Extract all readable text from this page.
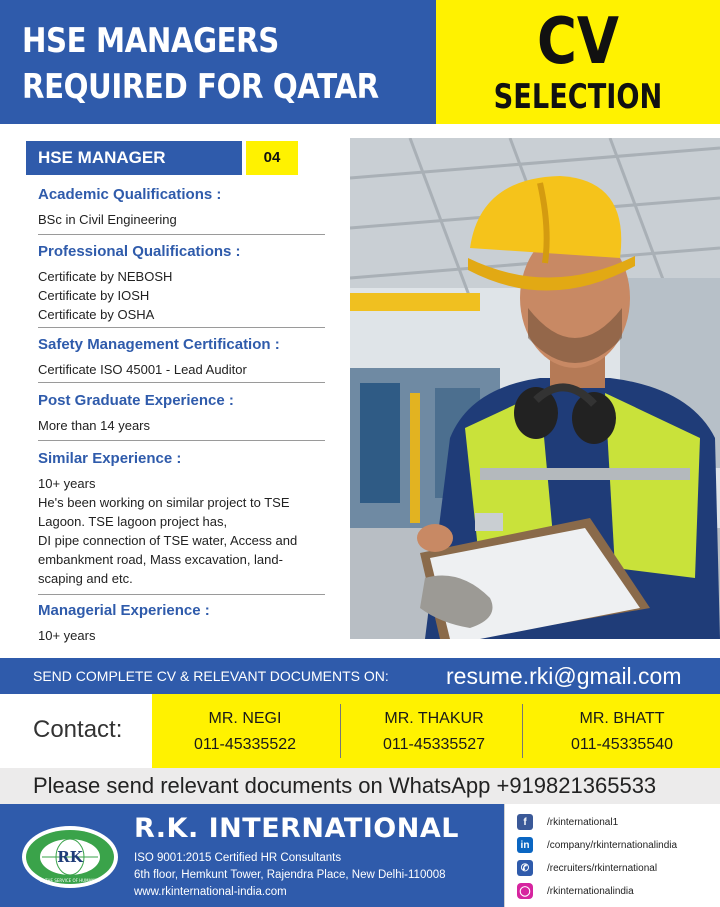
HSE MANAGERS
REQUIRED FOR QATAR
CV
SELECTION
HSE MANAGER	04
Academic Qualifications :

BSc in Civil Engineering

Professional Qualifications :

Certificate by NEBOSH

Certificate by IOSH

Certificate by OSHA

Safety Management Certification :

Certificate ISO 45001 - Lead Auditor

Post Graduate Experience :

More than 14 years

Similar Experience :

10+ years

He's been working on similar project to TSE

Lagoon. TSE lagoon project has,

DI pipe connection of TSE water, Access and

embankment road, Mass excavation, land-

scaping and etc.

Managerial Experience :

10+ years

SEND COMPLETE CV & RELEVANT DOCUMENTS ON: resume.rki@gmail.com
Contact:	MR. NEGI
011-45335522
MR. THAKUR
011-45335527
MR. BHATT
011-45335540
Please send relevant documents on WhatsApp +919821365533
RK
IN THE SERVICE OF HUMANITY
R.K. INTERNATIONAL
ISO 9001:2015 Certified HR Consultants
6th floor, Hemkunt Tower, Rajendra Place, New Delhi-110008
www.rkinternational-india.com
f	/rkinternational1
in	/company/rkinternationalindia
✆	/recruiters/rkinternational
◯ /rkinternationalindia
